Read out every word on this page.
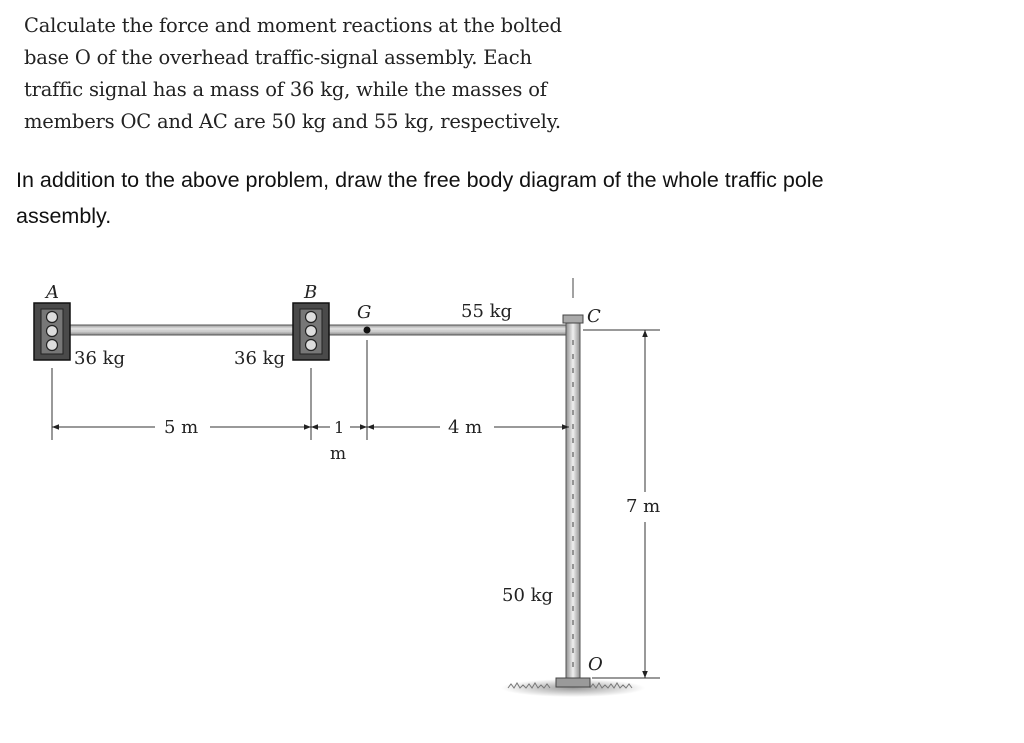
Calculate the force and moment reactions at the bolted
base O of the overhead traffic-signal assembly. Each
traffic signal has a mass of 36 kg, while the masses of
members OC and AC are 50 kg and 55 kg, respectively.
In addition to the above problem, draw the free body diagram of the whole traffic pole
assembly.
A	B
G	C
O
36 kg	36 kg
55 kg
50 kg
5 m	1
m
4 m
7 m
